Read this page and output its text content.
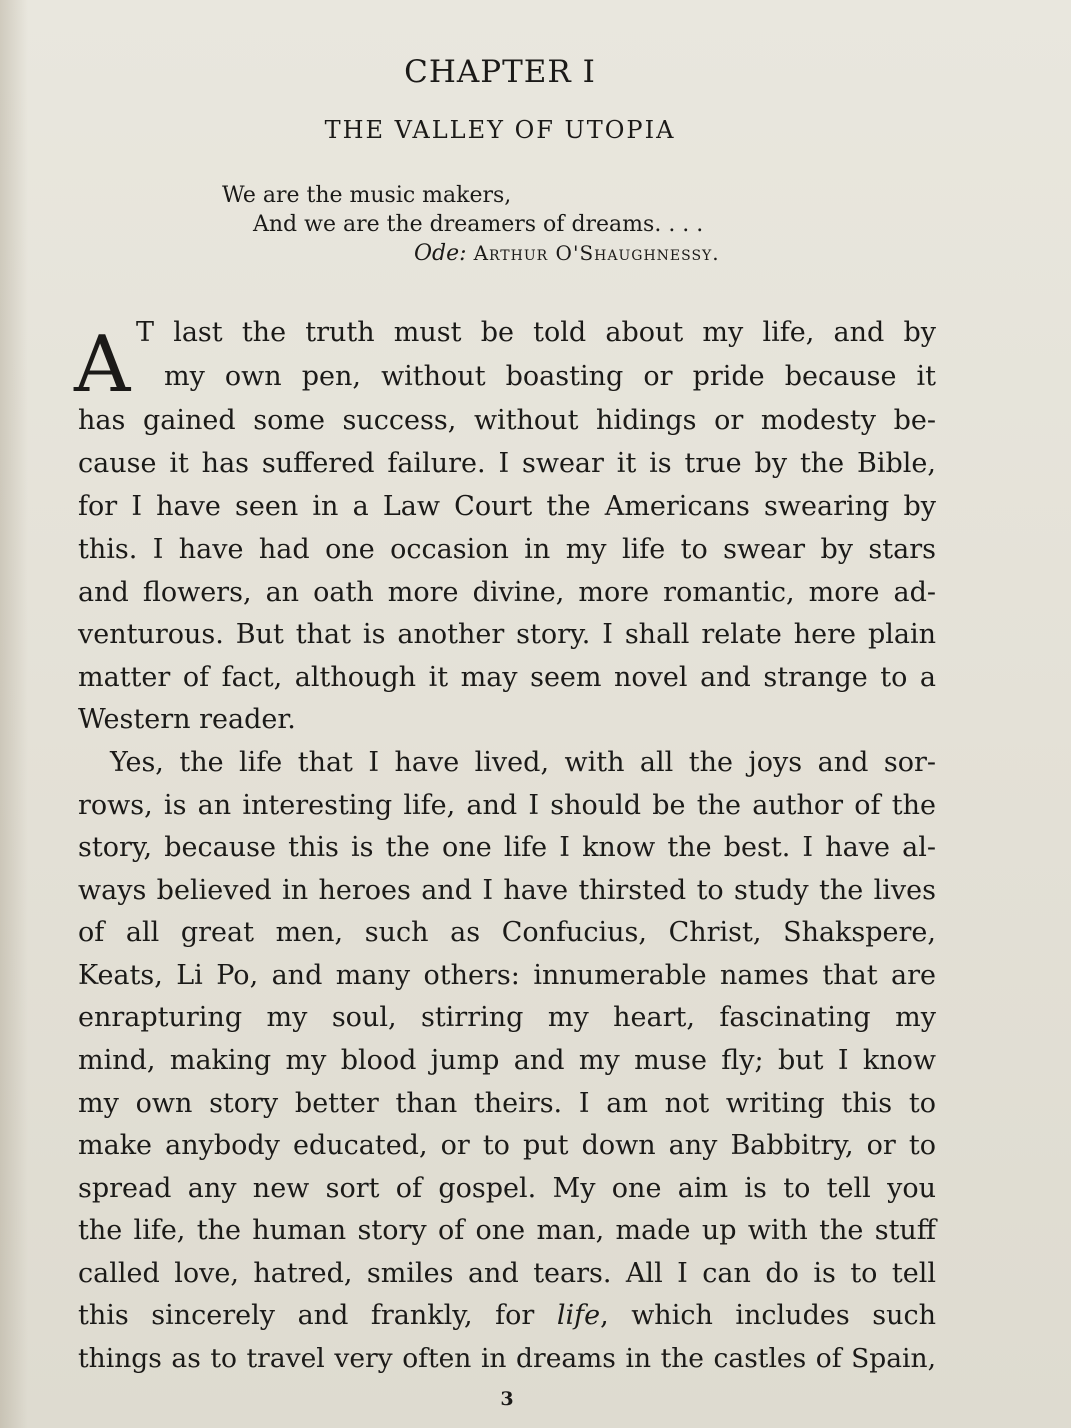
CHAPTER I
THE VALLEY OF UTOPIA
We are the music makers,
And we are the dreamers of dreams. . . .
Ode: Arthur O'Shaughnessy.
A T last the truth must be told about my life, and by
my own pen, without boasting or pride because it
has gained some success, without hidings or modesty be-
cause it has suffered failure. I swear it is true by the Bible,
for I have seen in a Law Court the Americans swearing by
this. I have had one occasion in my life to swear by stars
and flowers, an oath more divine, more romantic, more ad-
venturous. But that is another story. I shall relate here plain
matter of fact, although it may seem novel and strange to a
Western reader.
Yes, the life that I have lived, with all the joys and sor-
rows, is an interesting life, and I should be the author of the
story, because this is the one life I know the best. I have al-
ways believed in heroes and I have thirsted to study the lives
of all great men, such as Confucius, Christ, Shakspere,
Keats, Li Po, and many others: innumerable names that are
enrapturing my soul, stirring my heart, fascinating my
mind, making my blood jump and my muse fly; but I know
my own story better than theirs. I am not writing this to
make anybody educated, or to put down any Babbitry, or to
spread any new sort of gospel. My one aim is to tell you
the life, the human story of one man, made up with the stuff
called love, hatred, smiles and tears. All I can do is to tell
this sincerely and frankly, for life, which includes such
things as to travel very often in dreams in the castles of Spain,
3
